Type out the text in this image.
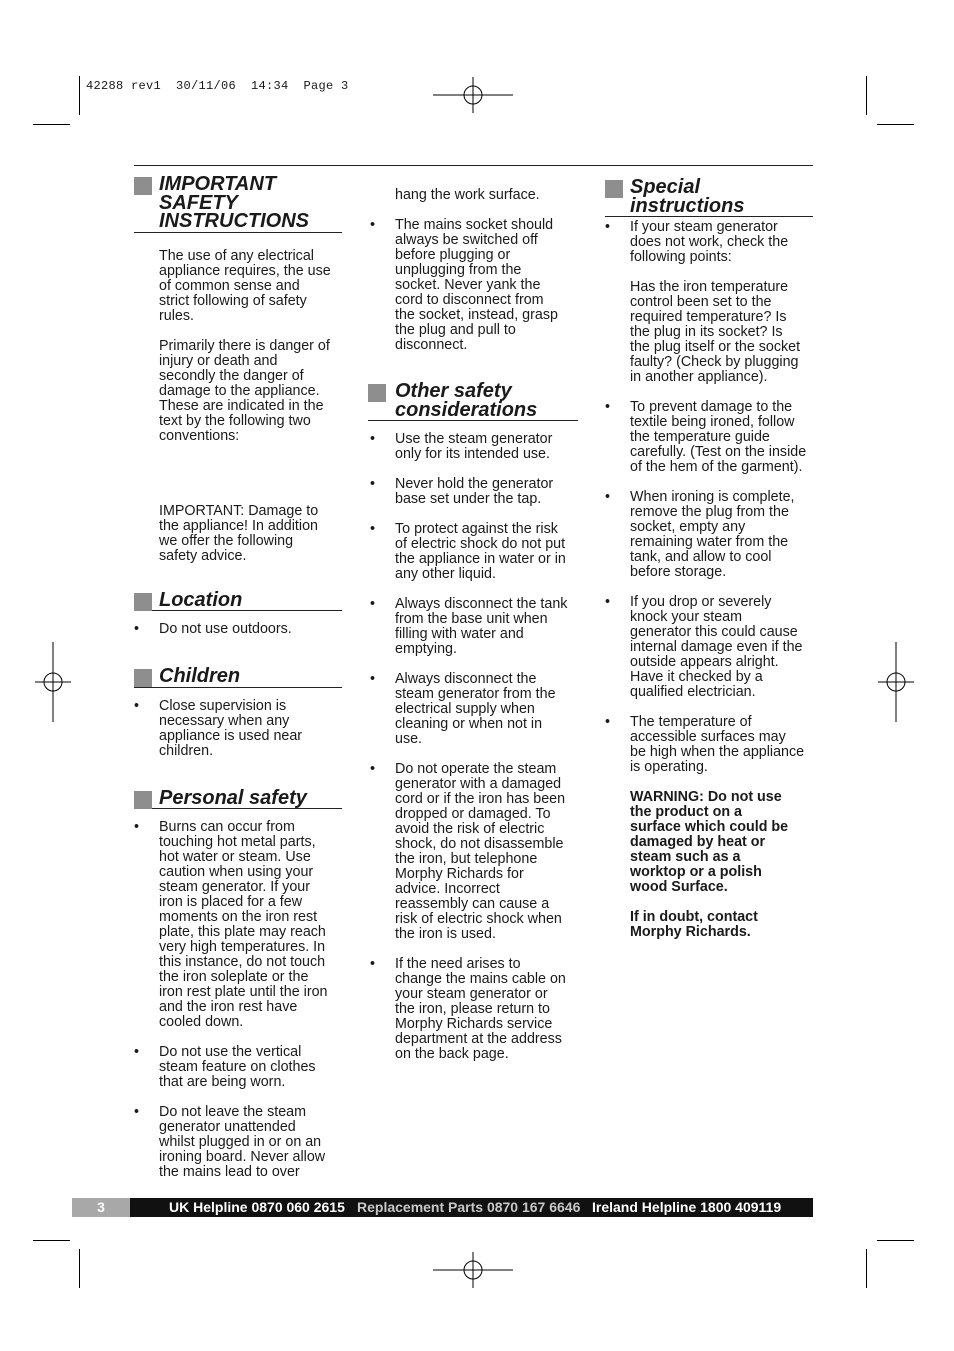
42288 rev1  30/11/06  14:34  Page 3
IMPORTANT
SAFETY
INSTRUCTIONS

The use of any electrical
appliance requires, the use
of common sense and
strict following of safety
rules.

Primarily there is danger of
injury or death and
secondly the danger of
damage to the appliance.
These are indicated in the
text by the following two
conventions:

IMPORTANT: Damage to
the appliance! In addition
we offer the following
safety advice.

Location
• Do not use outdoors.
Children
• Close supervision is
necessary when any
appliance is used near
children.
Personal safety
• Burns can occur from
touching hot metal parts,
hot water or steam. Use
caution when using your
steam generator. If your
iron is placed for a few
moments on the iron rest
plate, this plate may reach
very high temperatures. In
this instance, do not touch
the iron soleplate or the
iron rest plate until the iron
and the iron rest have
cooled down.
• Do not use the vertical
steam feature on clothes
that are being worn.
• Do not leave the steam
generator unattended
whilst plugged in or on an
ironing board. Never allow
the mains lead to over

hang the work surface.

• The mains socket should
always be switched off
before plugging or
unplugging from the
socket. Never yank the
cord to disconnect from
the socket, instead, grasp
the plug and pull to
disconnect.
Other safety
considerations
• Use the steam generator
only for its intended use.
• Never hold the generator
base set under the tap.
• To protect against the risk
of electric shock do not put
the appliance in water or in
any other liquid.
• Always disconnect the tank
from the base unit when
filling with water and
emptying.
• Always disconnect the
steam generator from the
electrical supply when
cleaning or when not in
use.
• Do not operate the steam
generator with a damaged
cord or if the iron has been
dropped or damaged. To
avoid the risk of electric
shock, do not disassemble
the iron, but telephone
Morphy Richards for
advice. Incorrect
reassembly can cause a
risk of electric shock when
the iron is used.
• If the need arises to
change the mains cable on
your steam generator or
the iron, please return to
Morphy Richards service
department at the address
on the back page.
Special
instructions
• If your steam generator
does not work, check the
following points:

Has the iron temperature
control been set to the
required temperature? Is
the plug in its socket? Is
the plug itself or the socket
faulty? (Check by plugging
in another appliance).

• To prevent damage to the
textile being ironed, follow
the temperature guide
carefully. (Test on the inside
of the hem of the garment).
• When ironing is complete,
remove the plug from the
socket, empty any
remaining water from the
tank, and allow to cool
before storage.
• If you drop or severely
knock your steam
generator this could cause
internal damage even if the
outside appears alright.
Have it checked by a
qualified electrician.
• The temperature of
accessible surfaces may
be high when the appliance
is operating.

WARNING: Do not use
the product on a
surface which could be
damaged by heat or
steam such as a
worktop or a polish
wood Surface.

If in doubt, contact
Morphy Richards.

3	UK Helpline 0870 060 2615 Replacement Parts 0870 167 6646 Ireland Helpline 1800 409119
